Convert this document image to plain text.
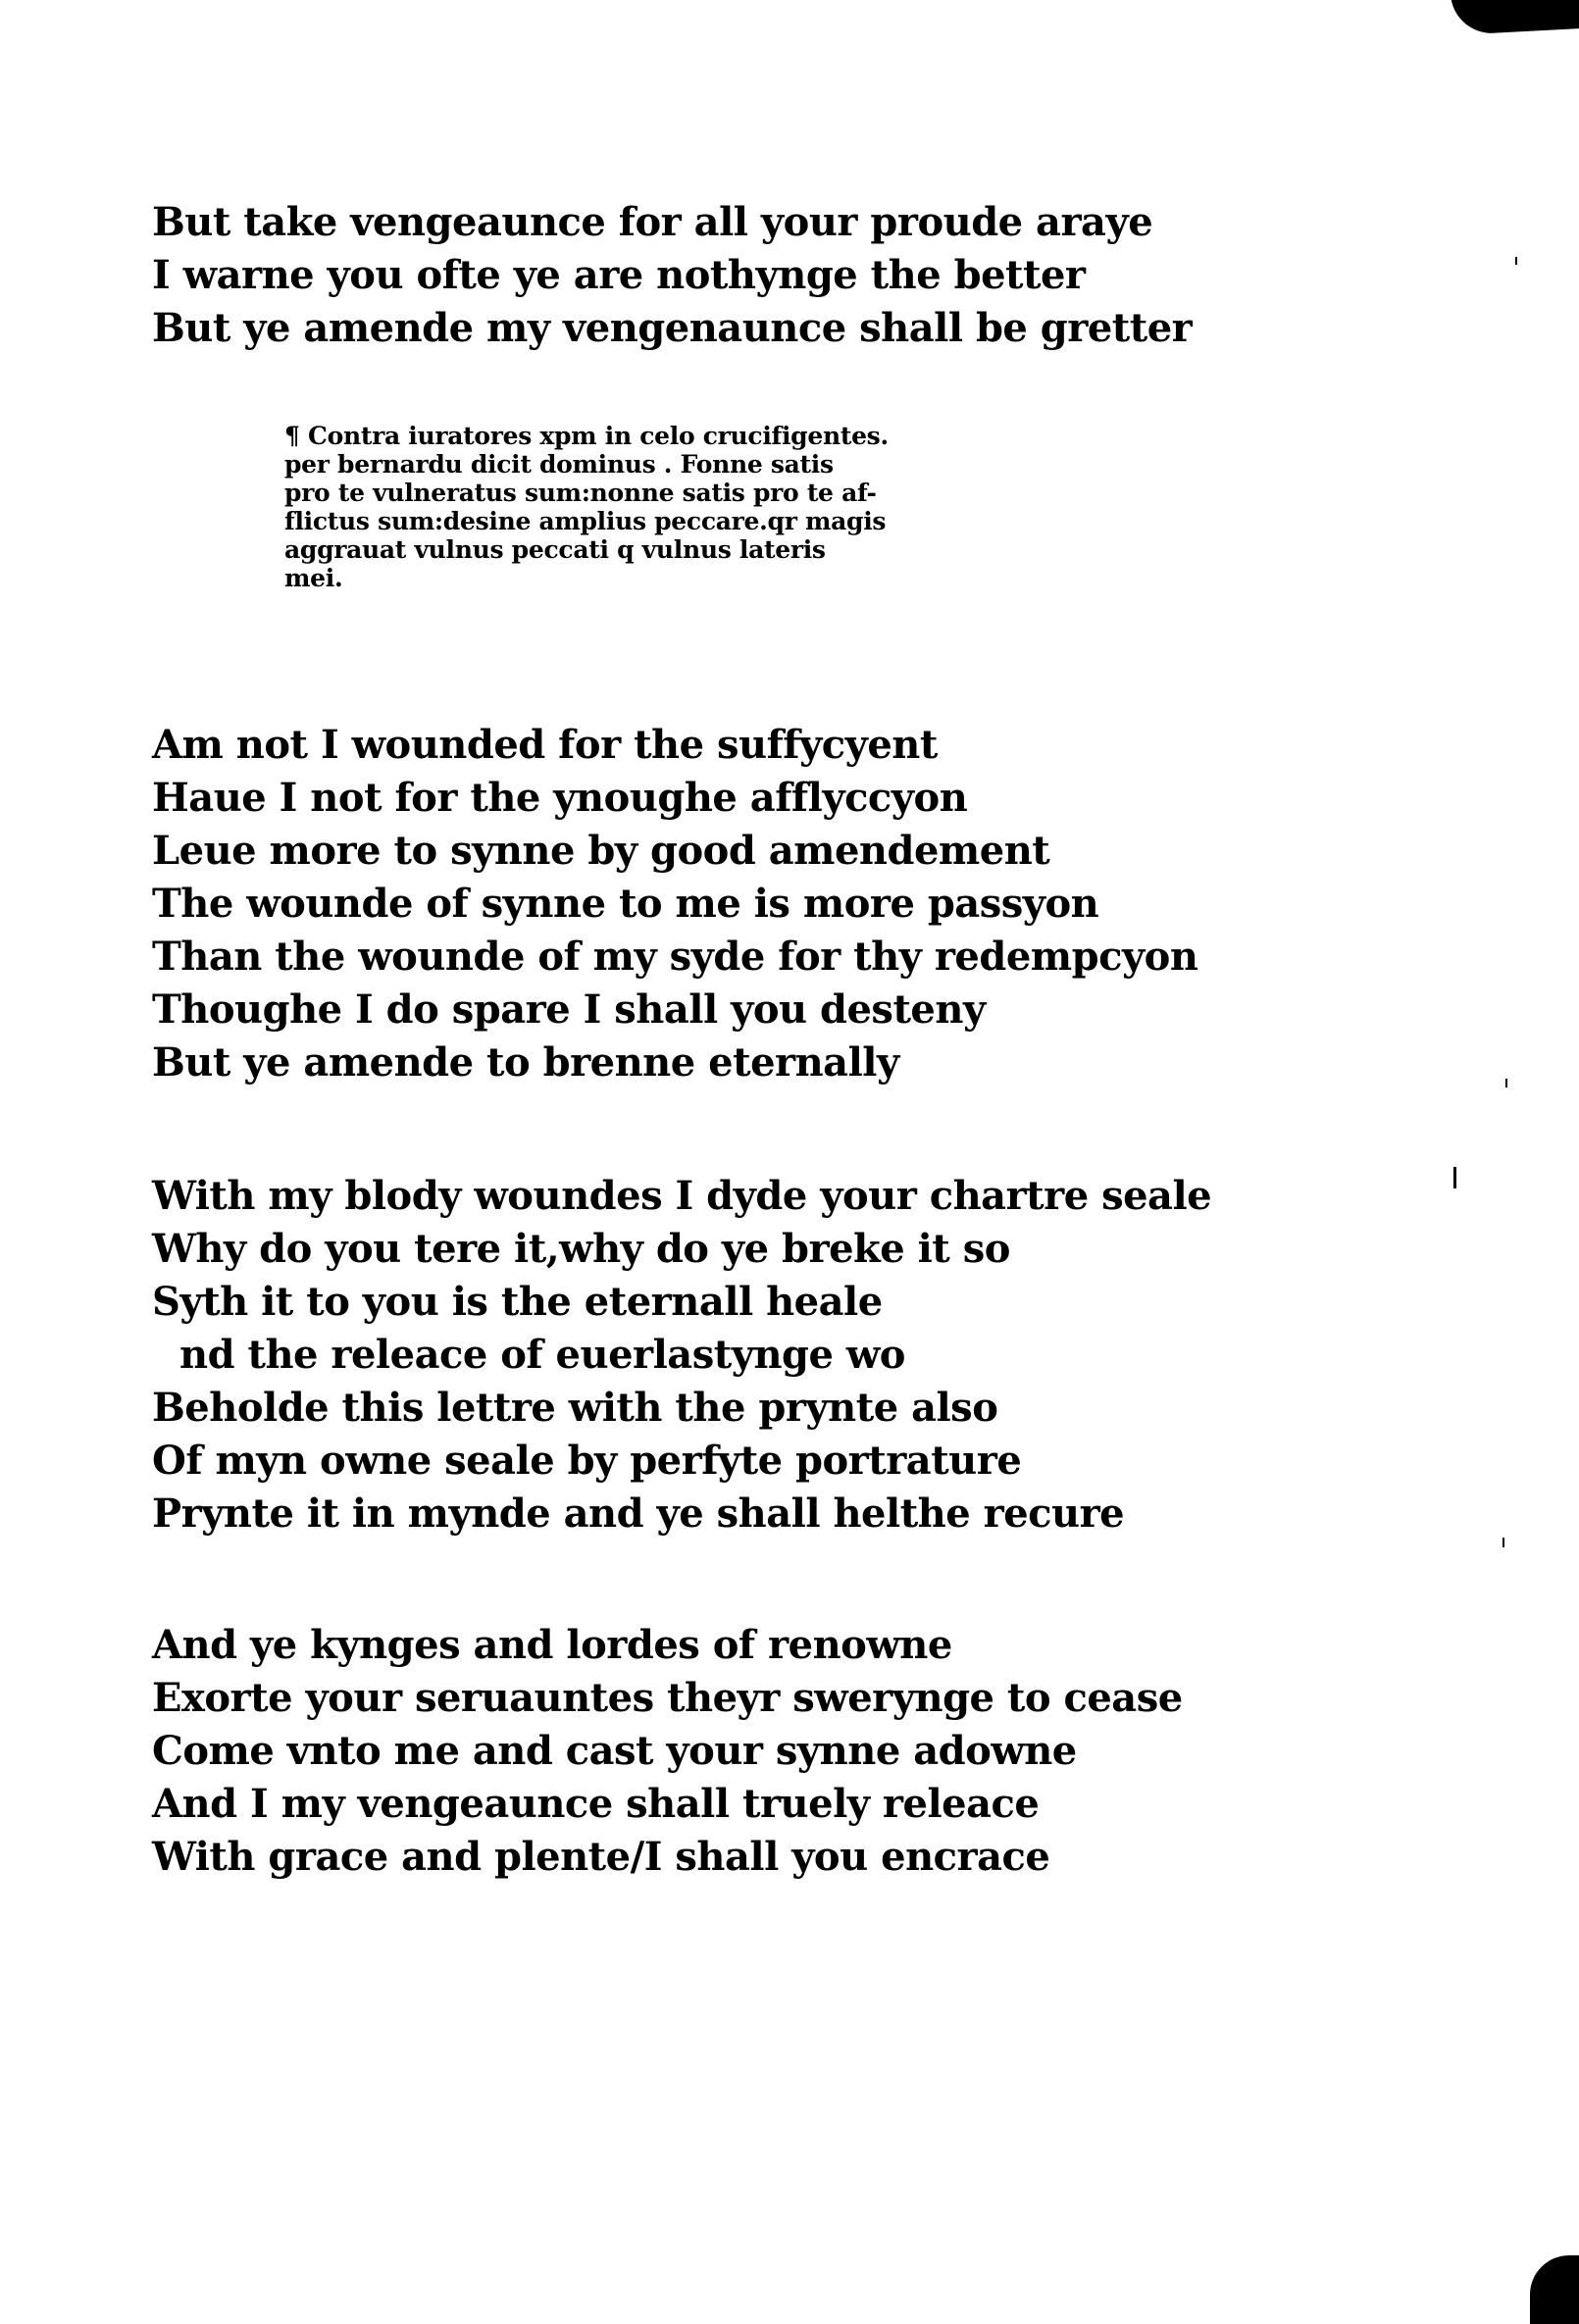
But take vengeaunce for all your proude araye
I warne you ofte ye are nothynge the better
But ye amende my vengenaunce shall be gretter
¶ Contra iuratores xpm in celo crucifigentes.
per bernardu dicit dominus . Fonne satis
pro te vulneratus sum:nonne satis pro te af-
flictus sum:desine amplius peccare.qr magis
aggrauat vulnus peccati q vulnus lateris
mei.
Am not I wounded for the suffycyent
Haue I not for the ynoughe afflyccyon
Leue more to synne by good amendement
The wounde of synne to me is more passyon
Than the wounde of my syde for thy redempcyon
Thoughe I do spare I shall you desteny
But ye amende to brenne eternally
With my blody woundes I dyde your chartre seale
Why do you tere it,why do ye breke it so
Syth it to you is the eternall heale
nd the releace of euerlastynge wo
Beholde this lettre with the prynte also
Of myn owne seale by perfyte portrature
Prynte it in mynde and ye shall helthe recure
And ye kynges and lordes of renowne
Exorte your seruauntes theyr swerynge to cease
Come vnto me and cast your synne adowne
And I my vengeaunce shall truely releace
With grace and plente/I shall you encrace
